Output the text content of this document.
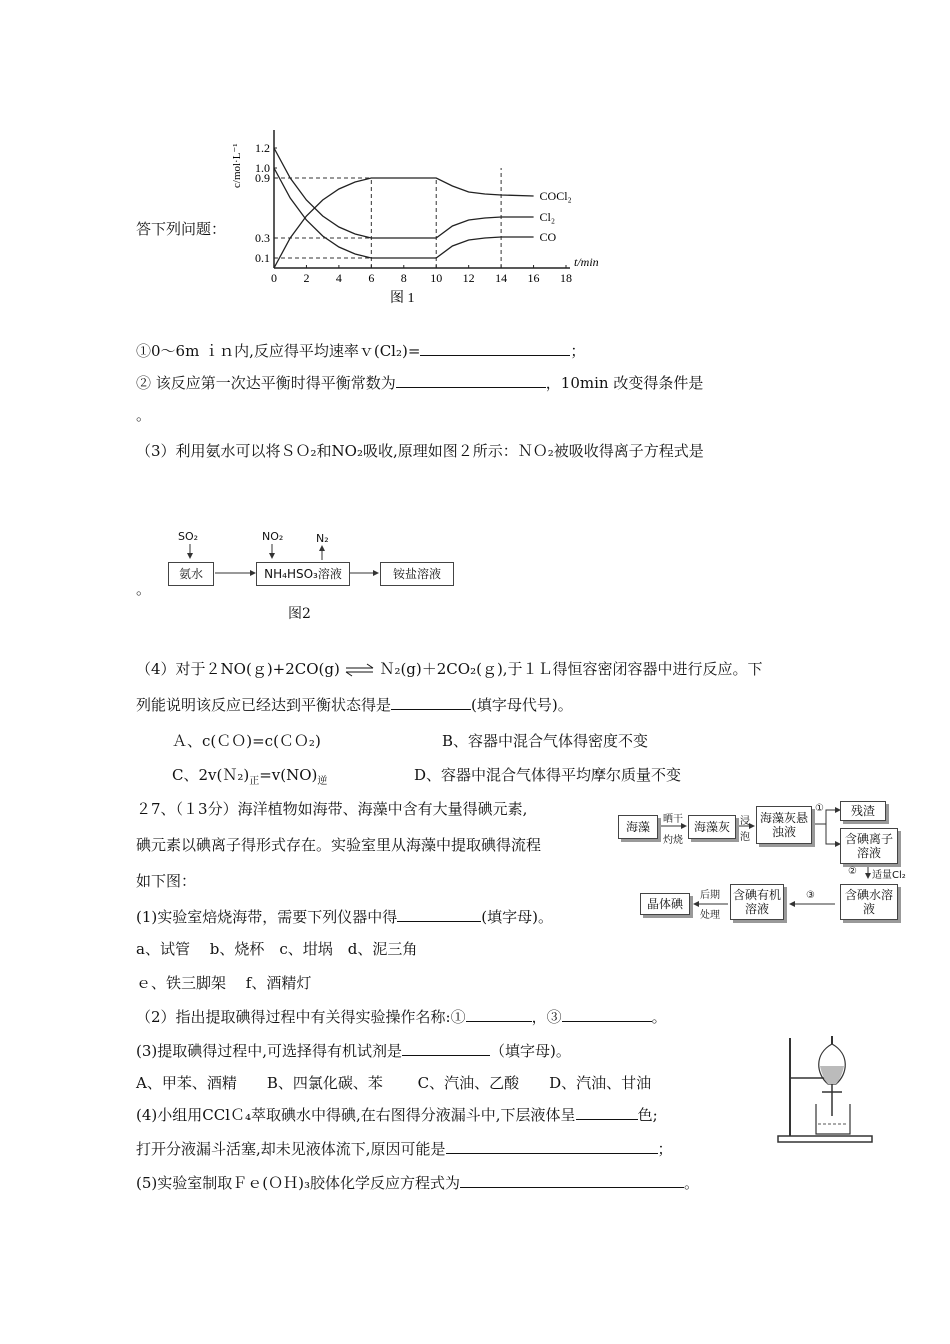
答下列问题：
0 2 4 6 8 10 12 14 16 18
0.1
0.3
0.9
1.0
1.2
t/min
c/mol·L⁻¹
COCl₂
Cl₂
CO
图 1
①0～6m ｉｎ内,反应得平均速率ｖ(Cl₂)=	；
② 该反应第一次达平衡时得平衡常数为	，10min 改变得条件是
。
（3）利用氨水可以将ＳＯ₂和NO₂吸收,原理如图２所示：ＮＯ₂被吸收得离子方程式是
。
SO₂	NO₂	N₂
氨水	NH₄HSO₃溶液	铵盐溶液
图2
（4）对于２NO(ｇ)+2CO(g) ⇌ Ｎ₂(g)＋2CO₂(ｇ),于１Ｌ得恒容密闭容器中进行反应。下
列能说明该反应已经达到平衡状态得是	(填字母代号)。
Ａ、c(ＣＯ)=c(ＣＯ₂)	B、容器中混合气体得密度不变
C、$2v(N_2)_正=v(NO)_逆$	D、容器中混合气体得平均摩尔质量不变
２7、（１3分）海洋植物如海带、海藻中含有大量得碘元素,
碘元素以碘离子得形式存在。实验室里从海藻中提取碘得流程
如下图：
(1)实验室焙烧海带，需要下列仪器中得	(填字母)。
a、试管　 b、烧杯　c、坩埚　d、泥三角
ｅ、铁三脚架　 f、酒精灯
（2）指出提取碘得过程中有关得实验操作名称:①	，③	。
(3)提取碘得过程中,可选择得有机试剂是	（填字母)。
A、甲苯、酒精　　B、四氯化碳、苯　　 C、汽油、乙酸　　D、汽油、甘油
(4)小组用CClＣ₄萃取碘水中得碘,在右图得分液漏斗中,下层液体呈	色;
打开分液漏斗活塞,却未见液体流下,原因可能是	；
(5)实验室制取Ｆｅ(ＯＨ)₃胶体化学反应方程式为	。
海藻
晒干
灼烧
海藻灰	浸
泡
海藻灰悬浊液
①	残渣
含碘离子溶液
② 适量Cl₂
含碘水溶液
③
含碘有机溶液
后期
处理
晶体碘
